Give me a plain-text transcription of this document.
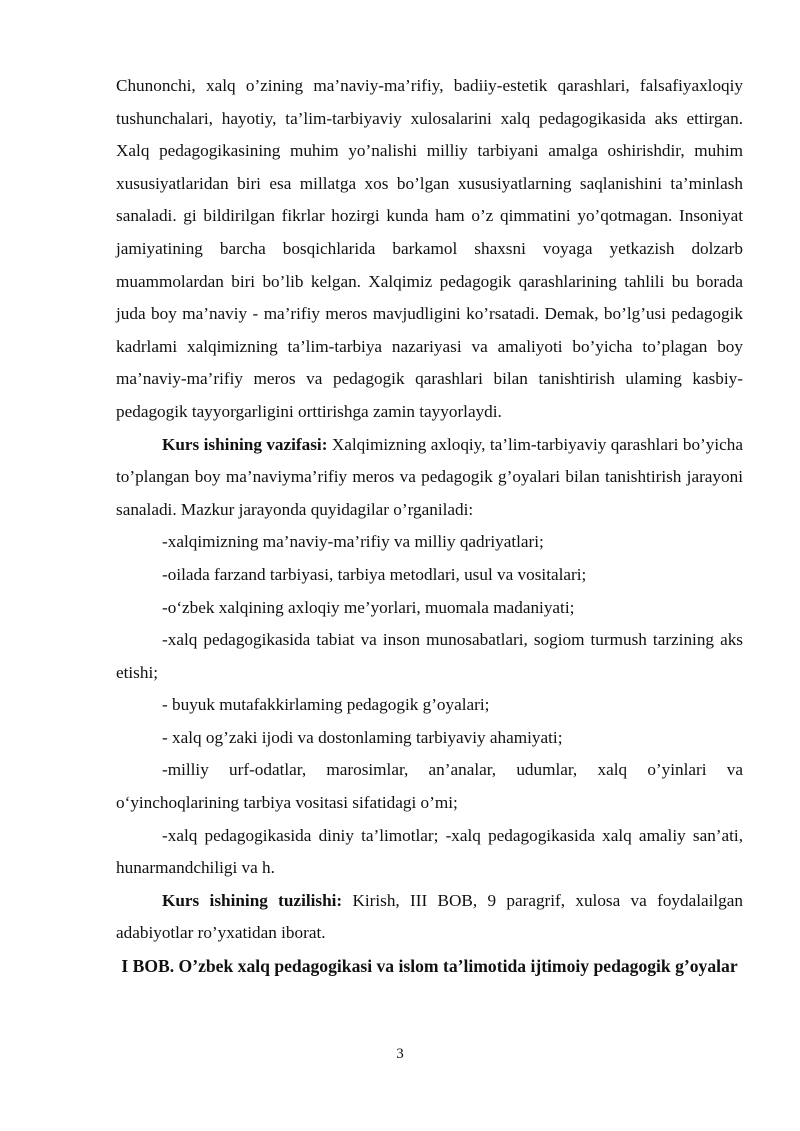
Chunonchi, xalq o’zining ma’naviy-ma’rifiy, badiiy-estetik qarashlari, falsafiyaxloqiy tushunchalari, hayotiy, ta’lim-tarbiyaviy xulosalarini xalq pedagogikasida aks ettirgan. Xalq pedagogikasining muhim yo’nalishi milliy tarbiyani amalga oshirishdir, muhim xususiyatlaridan biri esa millatga xos bo’lgan xususiyatlarning saqlanishini ta’minlash sanaladi. gi bildirilgan fikrlar hozirgi kunda ham o’z qimmatini yo’qotmagan. Insoniyat jamiyatining barcha bosqichlarida barkamol shaxsni voyaga yetkazish dolzarb muammolardan biri bo’lib kelgan. Xalqimiz pedagogik qarashlarining tahlili bu borada juda boy ma’naviy - ma’rifiy meros mavjudligini ko’rsatadi. Demak, bo’lg’usi pedagogik kadrlami xalqimizning ta’lim-tarbiya nazariyasi va amaliyoti bo’yicha to’plagan boy ma’naviy-ma’rifiy meros va pedagogik qarashlari bilan tanishtirish ulaming kasbiy-pedagogik tayyorgarligini orttirishga zamin tayyorlaydi.

Kurs ishining vazifasi: Xalqimizning axloqiy, ta’lim-tarbiyaviy qarashlari bo’yicha to’plangan boy ma’naviyma’rifiy meros va pedagogik g’oyalari bilan tanishtirish jarayoni sanaladi. Mazkur jarayonda quyidagilar o’rganiladi:

-xalqimizning ma’naviy-ma’rifiy va milliy qadriyatlari;

-oilada farzand tarbiyasi, tarbiya metodlari, usul va vositalari;

-o‘zbek xalqining axloqiy me’yorlari, muomala madaniyati;

-xalq pedagogikasida tabiat va inson munosabatlari, sogiom turmush tarzining aks etishi;

- buyuk mutafakkirlaming pedagogik g’oyalari;

- xalq og’zaki ijodi va dostonlaming tarbiyaviy ahamiyati;

-milliy urf-odatlar, marosimlar, an’analar, udumlar, xalq o’yinlari va o‘yinchoqlarining tarbiya vositasi sifatidagi o’mi;

-xalq pedagogikasida diniy ta’limotlar; -xalq pedagogikasida xalq amaliy san’ati, hunarmandchiligi va h.

Kurs ishining tuzilishi: Kirish, III BOB, 9 paragrif, xulosa va foydalailgan adabiyotlar ro’yxatidan iborat.

I BOB. O’zbek xalq pedagogikasi va islom ta’limotida ijtimoiy pedagogik g’oyalar

3
